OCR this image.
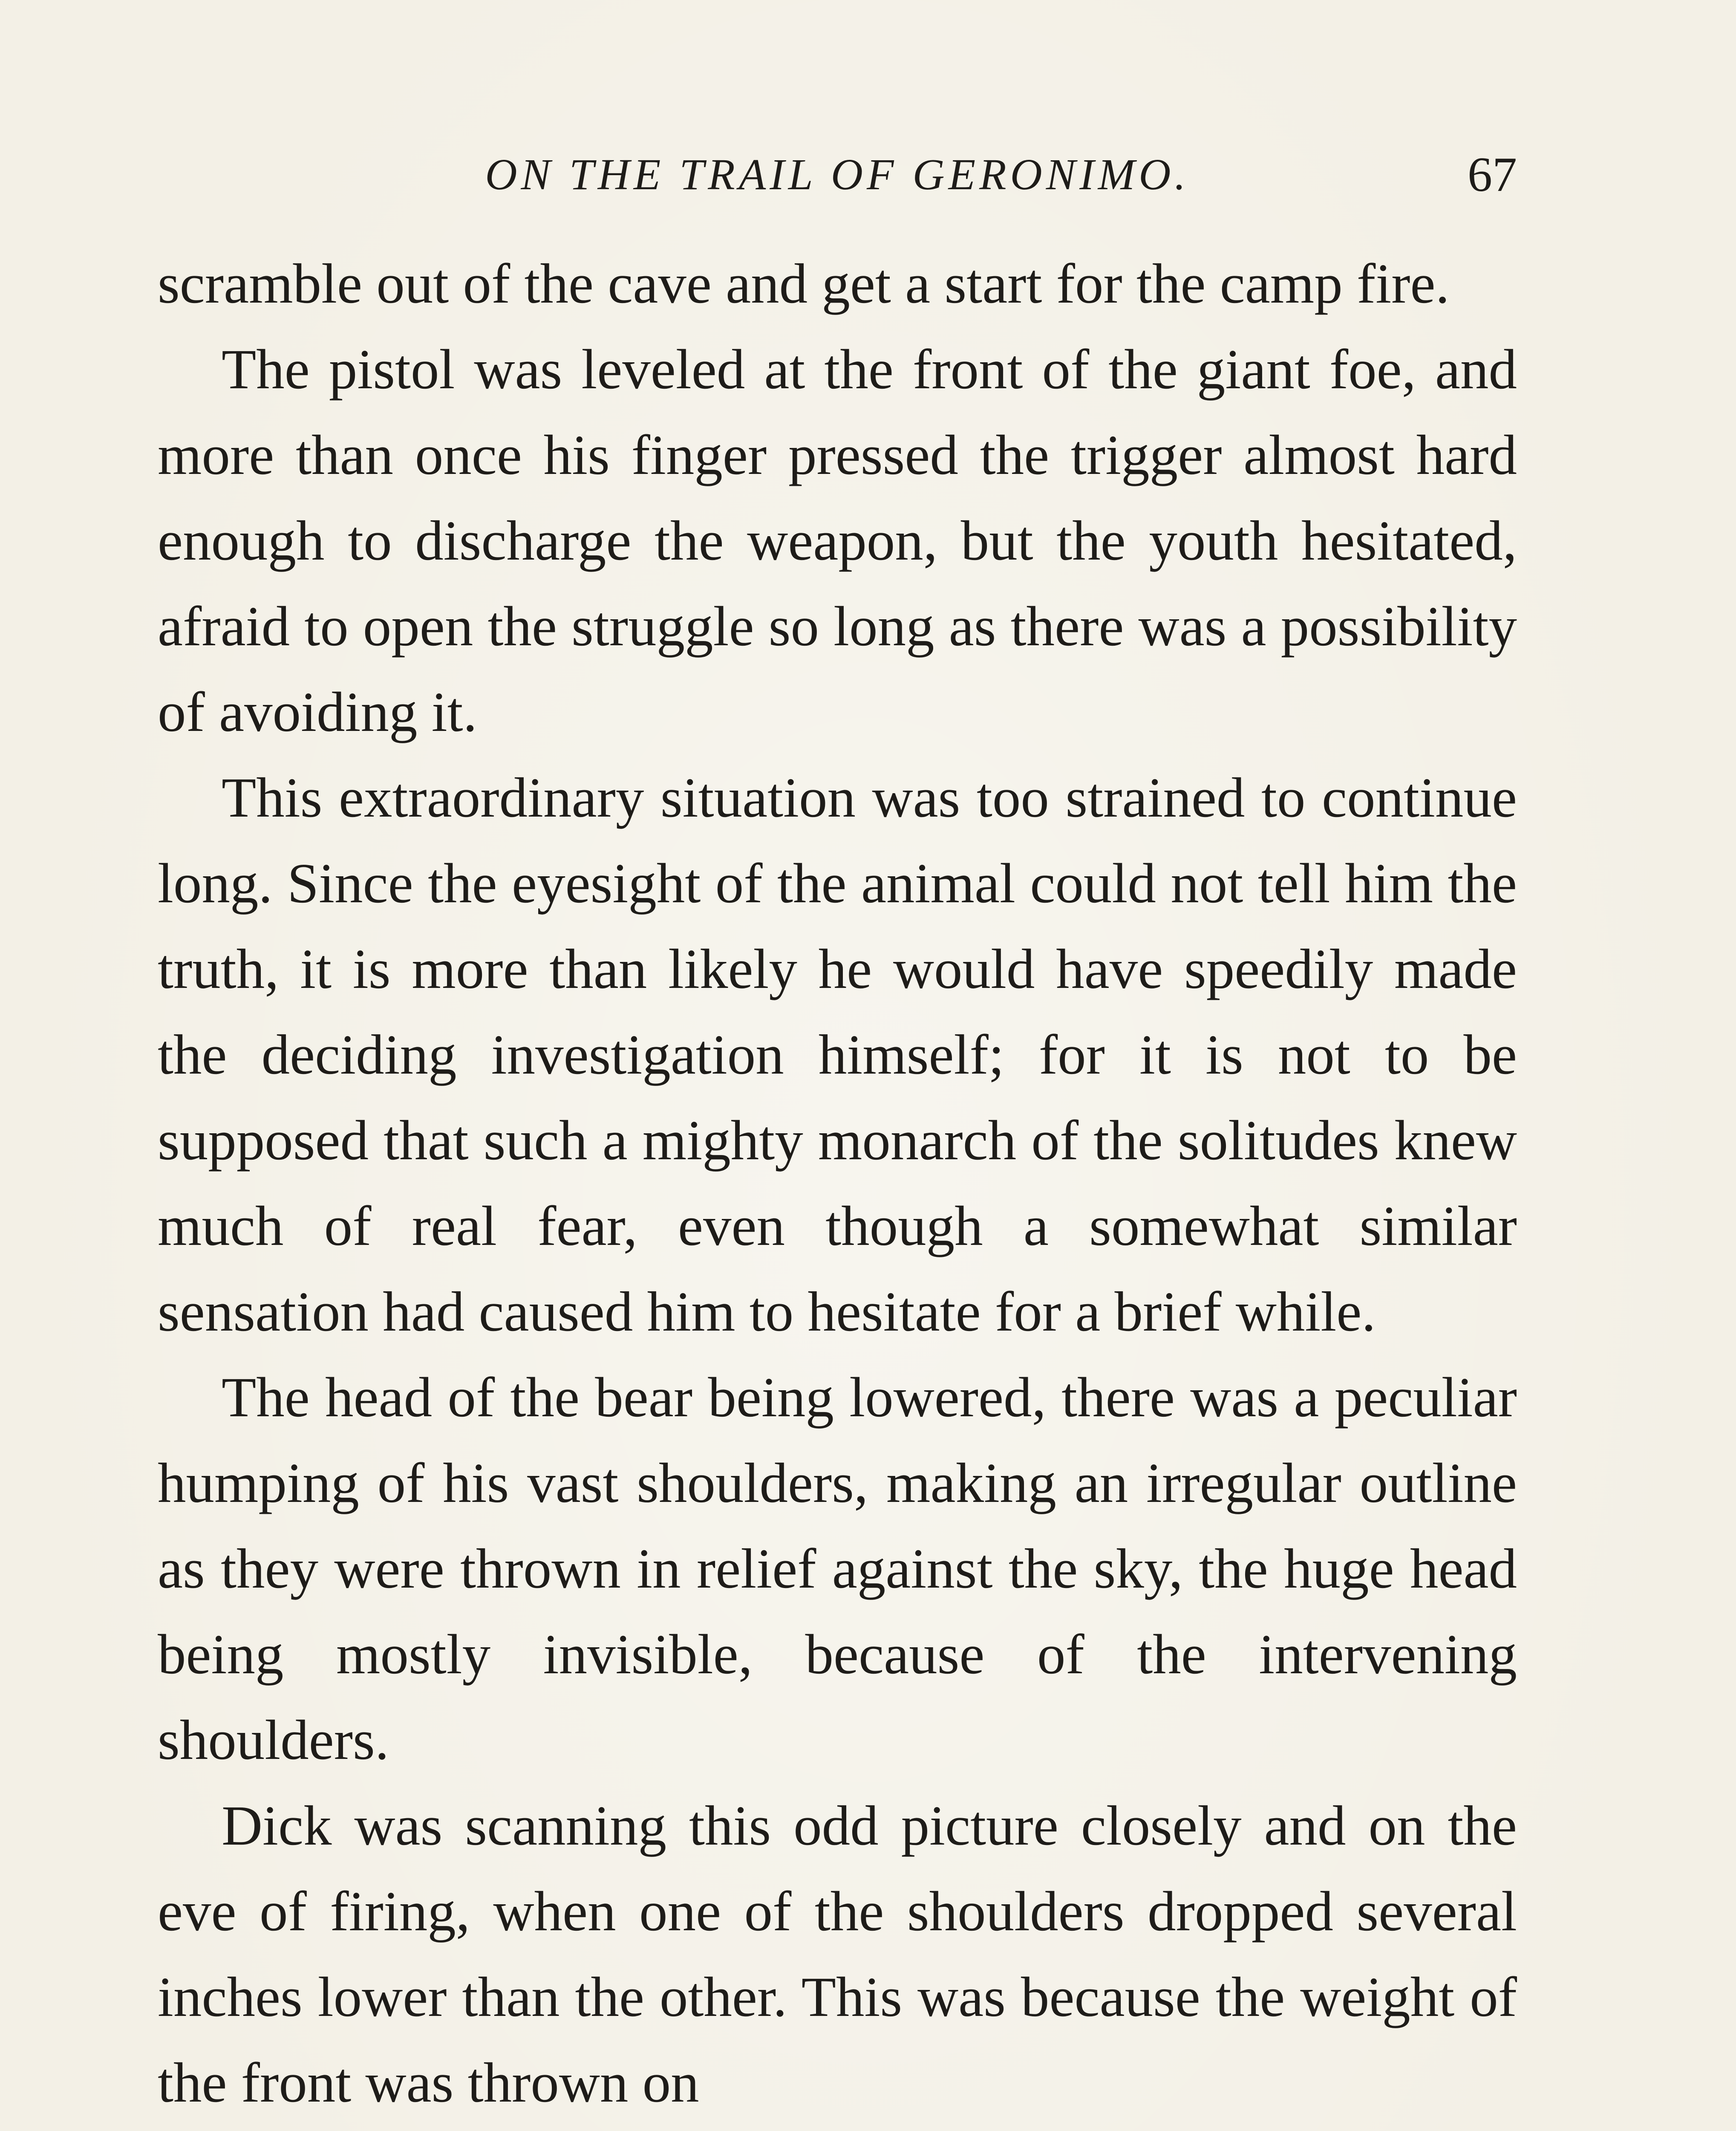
ON THE TRAIL OF GERONIMO.	67

scramble out of the cave and get a start for the camp fire.

The pistol was leveled at the front of the giant foe, and more than once his finger pressed the trigger almost hard enough to discharge the weapon, but the youth hesitated, afraid to open the struggle so long as there was a possibility of avoiding it.

This extraordinary situation was too strained to continue long. Since the eyesight of the animal could not tell him the truth, it is more than likely he would have speedily made the deciding investigation himself; for it is not to be supposed that such a mighty monarch of the solitudes knew much of real fear, even though a somewhat similar sensation had caused him to hesitate for a brief while.

The head of the bear being lowered, there was a peculiar humping of his vast shoulders, making an irregular outline as they were thrown in relief against the sky, the huge head being mostly invisible, because of the intervening shoulders.

Dick was scanning this odd picture closely and on the eve of firing, when one of the shoulders dropped several inches lower than the other. This was because the weight of the front was thrown on
